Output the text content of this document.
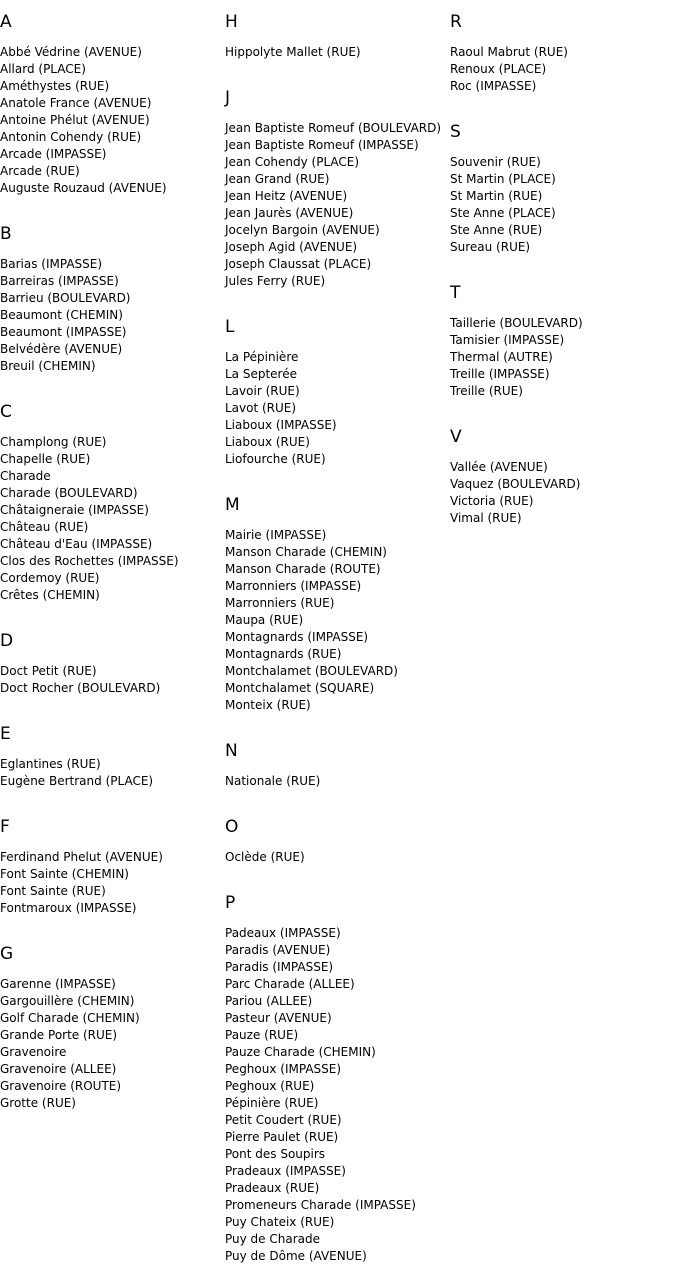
A
Abbé Védrine (AVENUE)
Allard (PLACE)
Améthystes (RUE)
Anatole France (AVENUE)
Antoine Phélut (AVENUE)
Antonin Cohendy (RUE)
Arcade (IMPASSE)
Arcade (RUE)
Auguste Rouzaud (AVENUE)
B
Barias (IMPASSE)
Barreiras (IMPASSE)
Barrieu (BOULEVARD)
Beaumont (CHEMIN)
Beaumont (IMPASSE)
Belvédère (AVENUE)
Breuil (CHEMIN)
C
Champlong (RUE)
Chapelle (RUE)
Charade
Charade (BOULEVARD)
Châtaigneraie (IMPASSE)
Château (RUE)
Château d'Eau (IMPASSE)
Clos des Rochettes (IMPASSE)
Cordemoy (RUE)
Crêtes (CHEMIN)
D
Doct Petit (RUE)
Doct Rocher (BOULEVARD)
E
Eglantines (RUE)
Eugène Bertrand (PLACE)
F
Ferdinand Phelut (AVENUE)
Font Sainte (CHEMIN)
Font Sainte (RUE)
Fontmaroux (IMPASSE)
G
Garenne (IMPASSE)
Gargouillère (CHEMIN)
Golf Charade (CHEMIN)
Grande Porte (RUE)
Gravenoire
Gravenoire (ALLEE)
Gravenoire (ROUTE)
Grotte (RUE)
H
Hippolyte Mallet (RUE)
J
Jean Baptiste Romeuf (BOULEVARD)
Jean Baptiste Romeuf (IMPASSE)
Jean Cohendy (PLACE)
Jean Grand (RUE)
Jean Heitz (AVENUE)
Jean Jaurès (AVENUE)
Jocelyn Bargoin (AVENUE)
Joseph Agid (AVENUE)
Joseph Claussat (PLACE)
Jules Ferry (RUE)
L
La Pépinière
La Septerée
Lavoir (RUE)
Lavot (RUE)
Liaboux (IMPASSE)
Liaboux (RUE)
Liofourche (RUE)
M
Mairie (IMPASSE)
Manson Charade (CHEMIN)
Manson Charade (ROUTE)
Marronniers (IMPASSE)
Marronniers (RUE)
Maupa (RUE)
Montagnards (IMPASSE)
Montagnards (RUE)
Montchalamet (BOULEVARD)
Montchalamet (SQUARE)
Monteix (RUE)
N
Nationale (RUE)
O
Oclède (RUE)
P
Padeaux (IMPASSE)
Paradis (AVENUE)
Paradis (IMPASSE)
Parc Charade (ALLEE)
Pariou (ALLEE)
Pasteur (AVENUE)
Pauze (RUE)
Pauze Charade (CHEMIN)
Peghoux (IMPASSE)
Peghoux (RUE)
Pépinière (RUE)
Petit Coudert (RUE)
Pierre Paulet (RUE)
Pont des Soupirs
Pradeaux (IMPASSE)
Pradeaux (RUE)
Promeneurs Charade (IMPASSE)
Puy Chateix (RUE)
Puy de Charade
Puy de Dôme (AVENUE)
R
Raoul Mabrut (RUE)
Renoux (PLACE)
Roc (IMPASSE)
S
Souvenir (RUE)
St Martin (PLACE)
St Martin (RUE)
Ste Anne (PLACE)
Ste Anne (RUE)
Sureau (RUE)
T
Taillerie (BOULEVARD)
Tamisier (IMPASSE)
Thermal (AUTRE)
Treille (IMPASSE)
Treille (RUE)
V
Vallée (AVENUE)
Vaquez (BOULEVARD)
Victoria (RUE)
Vimal (RUE)
